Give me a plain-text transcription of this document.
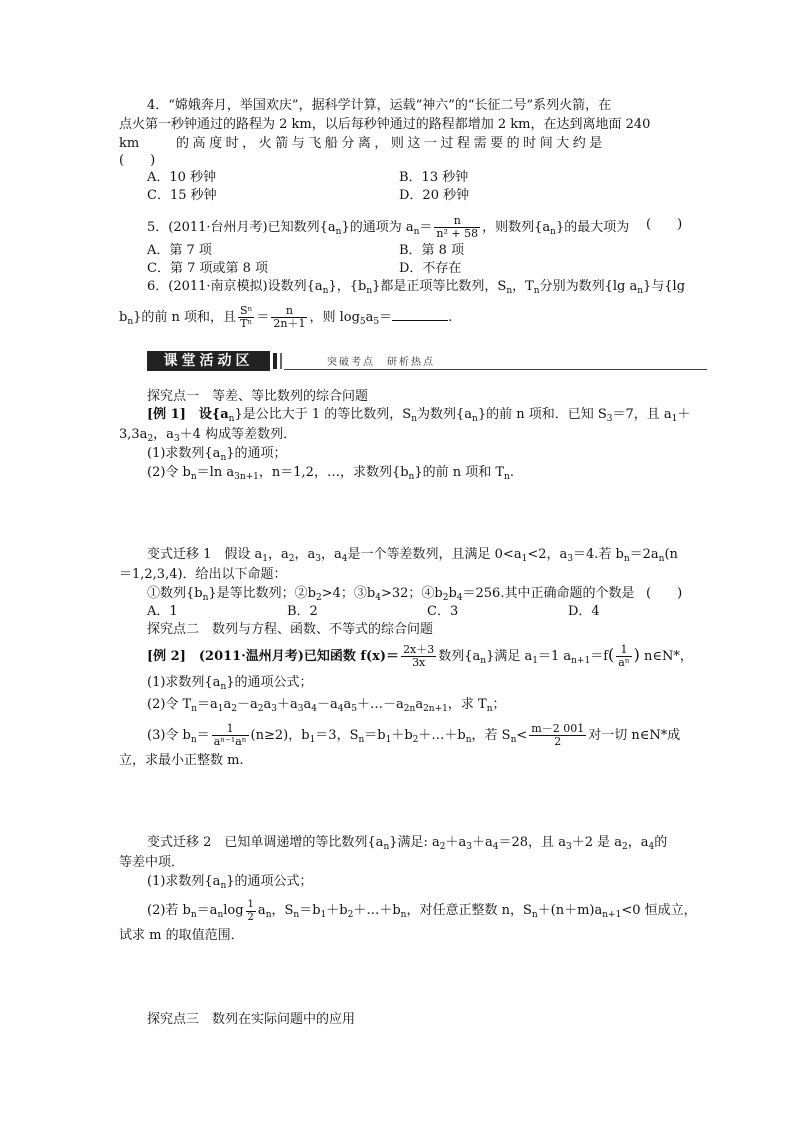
4．“嫦娥奔月，举国欢庆”，据科学计算，运载“神六”的“长征二号”系列火箭，在
点火第一秒钟通过的路程为 2 km，以后每秒钟通过的路程都增加 2 km，在达到离地面 240
km	的 高 度 时 ， 火 箭 与 飞 船 分 离 ， 则 这 一 过 程 需 要 的 时 间 大 约 是
(　　)
A．10 秒钟	B．13 秒钟
C．15 秒钟	D．20 秒钟
5．(2011·台州月考)已知数列$\{a_n\}$的通项为 $a_n= \frac{n}{\text{n² + 58}}$ ，则数列$\{a_n\}$的最大项为 (　　)
A．第 7 项	B．第 8 项
C．第 7 项或第 8 项	D．不存在
6．(2011·南京模拟)设数列$\{a_n\}$，$\{b_n\}$都是正项等比数列，$S_n$，$T_n$分别为数列{lg $a_n$}与{lg
$b_n$}的前 n 项和，且 $\frac{\text{Sⁿ}}{\text{Tⁿ}} = \frac{n}{2n+1}$ ，则 $\log_5a_5=$	.
课堂活动区	突破考点　研析热点
探究点一　等差、等比数列的综合问题
[例 1]　设$\{a_n\}$是公比大于 1 的等比数列，$S_n$为数列$\{a_n\}$的前 n 项和．已知 $S_3=7$，且 $a_1+$
$3,3a_2$，$a_3+4$ 构成等差数列．
(1)求数列$\{a_n\}$的通项；
(2)令 $b_n=\ln$ $a_{3n+1}$，n＝1,2，…，求数列$\{b_n\}$的前 n 项和 $T_n$.
变式迁移 1　假设 $a_1$，$a_2$，$a_3$，$a_4$是一个等差数列，且满足 $0<a_1<2$，$a_3=4$.若 $b_n=2a_n(n$
＝1,2,3,4)．给出以下命题：
①数列$\{b_n\}$是等比数列；$②b_2>4$；$③b_4>32$；$④b_2b_4=256$.其中正确命题的个数是 (　　)
A．1	B．2	C．3	D．4
探究点二　数列与方程、函数、不等式的综合问题
[例 2]　(2011·温州月考)已知函数 $f(x)= \frac{2x+3}{3x}$ 数列$\{a_n\}$满足 $a_1=1$ $a_{n+1}=f( \frac{1}{\text{aⁿ}}$ ) n∈N*，
(1)求数列$\{a_n\}$的通项公式；
(2)令 $T_n=a_1a_2-a_2a_3+a_3a_4-a_4a_5+\dots-a_{2n}a_{2n+1}$，求 $T_n$；
(3)令 $b_n= \frac{1}{\text{aⁿ⁻¹aⁿ}} (n\ge 2)$，$b_1=3$，$S_n=b_1+b_2+\dots+b_n$，若 $S_n< \frac{m-2 001}{2}$ 对一切 n∈N*成
立，求最小正整数 m.
变式迁移 2　已知单调递增的等比数列$\{a_n\}$满足: $a_2+a_3+a_4=28$，且 $a_3+2$ 是 $a_2$，$a_4$的
等差中项．
(1)求数列$\{a_n\}$的通项公式；
(2)若 $b_n=a_n\log \frac{1}{2} a_n$，$S_n=b_1+b_2+\dots+b_n$，对任意正整数 n，$S_n+(n+m)a_{n+1}<0$ 恒成立，
试求 m 的取值范围．
探究点三　数列在实际问题中的应用
